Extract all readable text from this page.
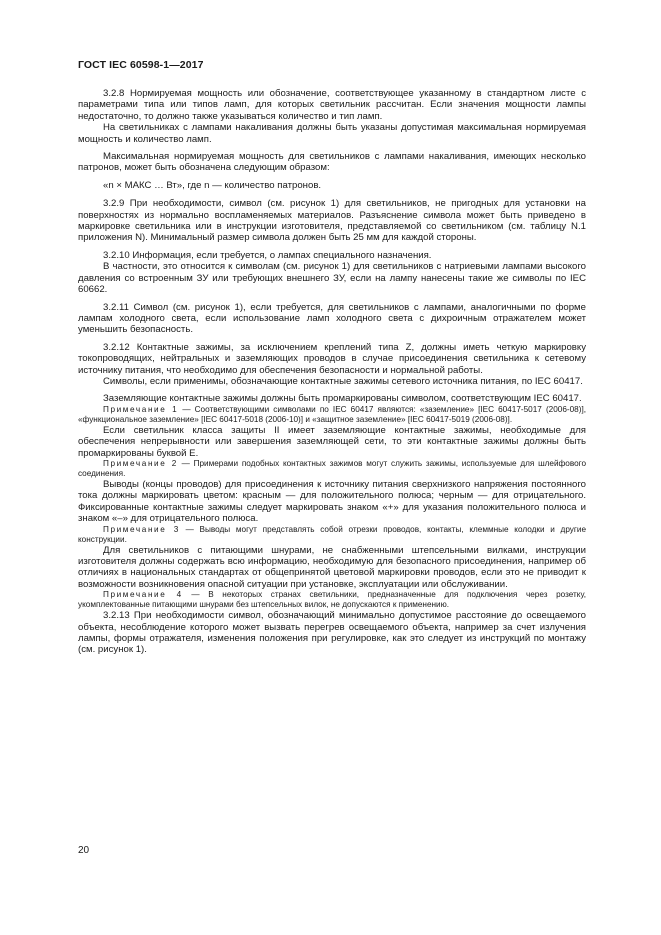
ГОСТ IEC 60598-1—2017

3.2.8 Нормируемая мощность или обозначение, соответствующее указанному в стандартном листе с параметрами типа или типов ламп, для которых светильник рассчитан. Если значения мощности лампы недостаточно, то должно также указываться количество и тип ламп.

На светильниках с лампами накаливания должны быть указаны допустимая максимальная нормируемая мощность и количество ламп.

Максимальная нормируемая мощность для светильников с лампами накаливания, имеющих несколько патронов, может быть обозначена следующим образом:

«n × МАКС … Вт», где n — количество патронов.

3.2.9 При необходимости, символ (см. рисунок 1) для светильников, не пригодных для установки на поверхностях из нормально воспламеняемых материалов. Разъяснение символа может быть приведено в маркировке светильника или в инструкции изготовителя, представляемой со светильником (см. таблицу N.1 приложения N). Минимальный размер символа должен быть 25 мм для каждой стороны.

3.2.10 Информация, если требуется, о лампах специального назначения.

В частности, это относится к символам (см. рисунок 1) для светильников с натриевыми лампами высокого давления со встроенным ЗУ или требующих внешнего ЗУ, если на лампу нанесены такие же символы по IEC 60662.

3.2.11 Символ (см. рисунок 1), если требуется, для светильников с лампами, аналогичными по форме лампам холодного света, если использование ламп холодного света с дихроичным отражателем может уменьшить безопасность.

3.2.12 Контактные зажимы, за исключением креплений типа Z, должны иметь четкую маркировку токопроводящих, нейтральных и заземляющих проводов в случае присоединения светильника к сетевому источнику питания, что необходимо для обеспечения безопасности и нормальной работы.

Символы, если применимы, обозначающие контактные зажимы сетевого источника питания, по IEC 60417.

Заземляющие контактные зажимы должны быть промаркированы символом, соответствующим IEC 60417.

Примечание 1 — Соответствующими символами по IEC 60417 являются: «заземление» [IEC 60417-5017 (2006-08)], «функциональное заземление» [IEC 60417-5018 (2006-10)] и «защитное заземление» [IEC 60417-5019 (2006-08)].

Если светильник класса защиты II имеет заземляющие контактные зажимы, необходимые для обеспечения непрерывности или завершения заземляющей сети, то эти контактные зажимы должны быть промаркированы буквой Е.

Примечание 2 — Примерами подобных контактных зажимов могут служить зажимы, используемые для шлейфового соединения.

Выводы (концы проводов) для присоединения к источнику питания сверхнизкого напряжения постоянного тока должны маркировать цветом: красным — для положительного полюса; черным — для отрицательного. Фиксированные контактные зажимы следует маркировать знаком «+» для указания положительного полюса и знаком «–» для отрицательного полюса.

Примечание 3 — Выводы могут представлять собой отрезки проводов, контакты, клеммные колодки и другие конструкции.

Для светильников с питающими шнурами, не снабженными штепсельными вилками, инструкции изготовителя должны содержать всю информацию, необходимую для безопасного присоединения, например об отличиях в национальных стандартах от общепринятой цветовой маркировки проводов, если это не приводит к возможности возникновения опасной ситуации при установке, эксплуатации или обслуживании.

Примечание 4 — В некоторых странах светильники, предназначенные для подключения через розетку, укомплектованные питающими шнурами без штепсельных вилок, не допускаются к применению.

3.2.13 При необходимости символ, обозначающий минимально допустимое расстояние до освещаемого объекта, несоблюдение которого может вызвать перегрев освещаемого объекта, например за счет излучения лампы, формы отражателя, изменения положения при регулировке, как это следует из инструкций по монтажу (см. рисунок 1).

20
